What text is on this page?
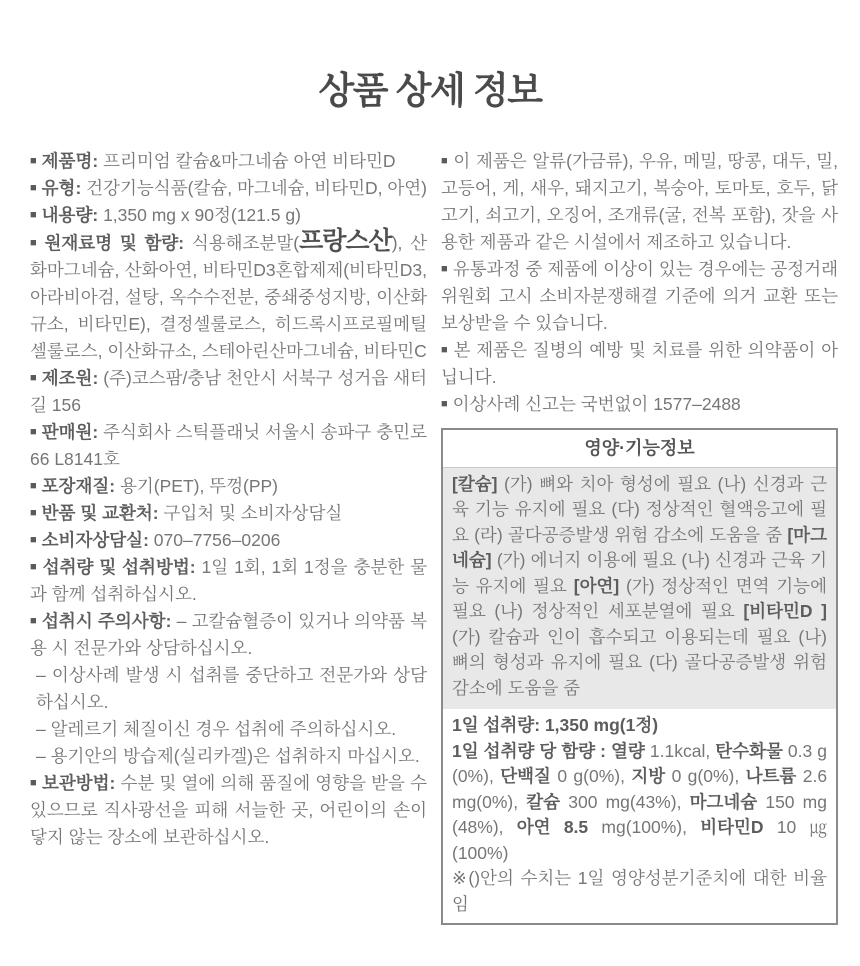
상품 상세 정보

■ 제품명: 프리미엄 칼슘&마그네슘 아연 비타민D

■ 유형: 건강기능식품(칼슘, 마그네슘, 비타민D, 아연)

■ 내용량: 1,350 mg x 90정(121.5 g)

■ 원재료명 및 함량: 식용해조분말(프랑스산), 산화마그네슘, 산화아연, 비타민D3혼합제제(비타민D3, 아라비아검, 설탕, 옥수수전분, 중쇄중성지방, 이산화규소, 비타민E), 결정셀룰로스, 히드록시프로필메틸셀룰로스, 이산화규소, 스테아린산마그네슘, 비타민C

■ 제조원: (주)코스팜/충남 천안시 서북구 성거읍 새터길 156

■ 판매원: 주식회사 스틱플래닛 서울시 송파구 충민로 66 L8141호

■ 포장재질: 용기(PET), 뚜껑(PP)

■ 반품 및 교환처: 구입처 및 소비자상담실

■ 소비자상담실: 070–7756–0206

■ 섭취량 및 섭취방법: 1일 1회, 1회 1정을 충분한 물과 함께 섭취하십시오.

■ 섭취시 주의사항: – 고칼슘혈증이 있거나 의약품 복용 시 전문가와 상담하십시오.

– 이상사례 발생 시 섭취를 중단하고 전문가와 상담하십시오.

– 알레르기 체질이신 경우 섭취에 주의하십시오.

– 용기안의 방습제(실리카겔)은 섭취하지 마십시오.

■ 보관방법: 수분 및 열에 의해 품질에 영향을 받을 수 있으므로 직사광선을 피해 서늘한 곳, 어린이의 손이 닿지 않는 장소에 보관하십시오.

■ 이 제품은 알류(가금류), 우유, 메밀, 땅콩, 대두, 밀, 고등어, 게, 새우, 돼지고기, 복숭아, 토마토, 호두, 닭고기, 쇠고기, 오징어, 조개류(굴, 전복 포함), 잣을 사용한 제품과 같은 시설에서 제조하고 있습니다.

■ 유통과정 중 제품에 이상이 있는 경우에는 공정거래위원회 고시 소비자분쟁해결 기준에 의거 교환 또는 보상받을 수 있습니다.

■ 본 제품은 질병의 예방 및 치료를 위한 의약품이 아닙니다.

■ 이상사례 신고는 국번없이 1577–2488

영양·기능정보

[칼슘] (가) 뼈와 치아 형성에 필요 (나) 신경과 근육 기능 유지에 필요 (다) 정상적인 혈액응고에 필요 (라) 골다공증발생 위험 감소에 도움을 줌 [마그네슘] (가) 에너지 이용에 필요 (나) 신경과 근육 기능 유지에 필요 [아연] (가) 정상적인 면역 기능에 필요 (나) 정상적인 세포분열에 필요 [비타민D ] (가) 칼슘과 인이 흡수되고 이용되는데 필요 (나) 뼈의 형성과 유지에 필요 (다) 골다공증발생 위험 감소에 도움을 줌

1일 섭취량: 1,350 mg(1정)

1일 섭취량 당 함량 : 열량 1.1kcal, 탄수화물 0.3 g (0%), 단백질 0 g(0%), 지방 0 g(0%), 나트륨 2.6 mg(0%), 칼슘 300 mg(43%), 마그네슘 150 mg (48%), 아연 8.5 mg(100%), 비타민D 10 ㎍(100%)

※()안의 수치는 1일 영양성분기준치에 대한 비율임
